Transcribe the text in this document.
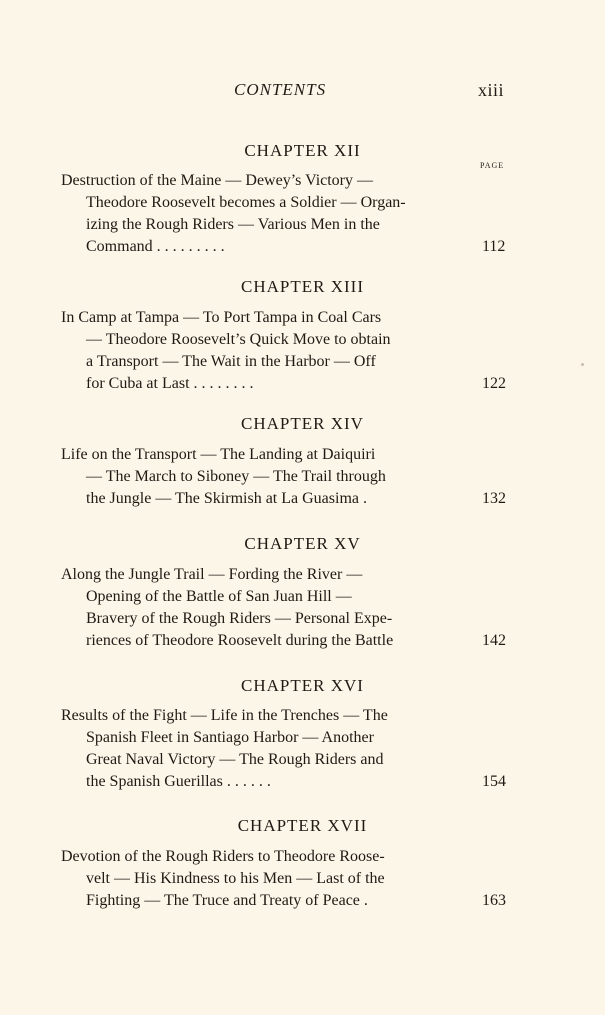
CONTENTS	xiii
CHAPTER XII
PAGE
Destruction of the Maine — Dewey’s Victory —
Theodore Roosevelt becomes a Soldier — Organ-
izing the Rough Riders — Various Men in the
Command . . . . . . . . .	112
CHAPTER XIII
In Camp at Tampa — To Port Tampa in Coal Cars
— Theodore Roosevelt’s Quick Move to obtain
a Transport — The Wait in the Harbor — Off
for Cuba at Last . . . . . . . .	122
CHAPTER XIV
Life on the Transport — The Landing at Daiquiri
— The March to Siboney — The Trail through
the Jungle — The Skirmish at La Guasima .	132
CHAPTER XV
Along the Jungle Trail — Fording the River —
Opening of the Battle of San Juan Hill —
Bravery of the Rough Riders — Personal Expe-
riences of Theodore Roosevelt during the Battle	142
CHAPTER XVI
Results of the Fight — Life in the Trenches — The
Spanish Fleet in Santiago Harbor — Another
Great Naval Victory — The Rough Riders and
the Spanish Guerillas . . . . . .	154
CHAPTER XVII
Devotion of the Rough Riders to Theodore Roose-
velt — His Kindness to his Men — Last of the
Fighting — The Truce and Treaty of Peace .	163
